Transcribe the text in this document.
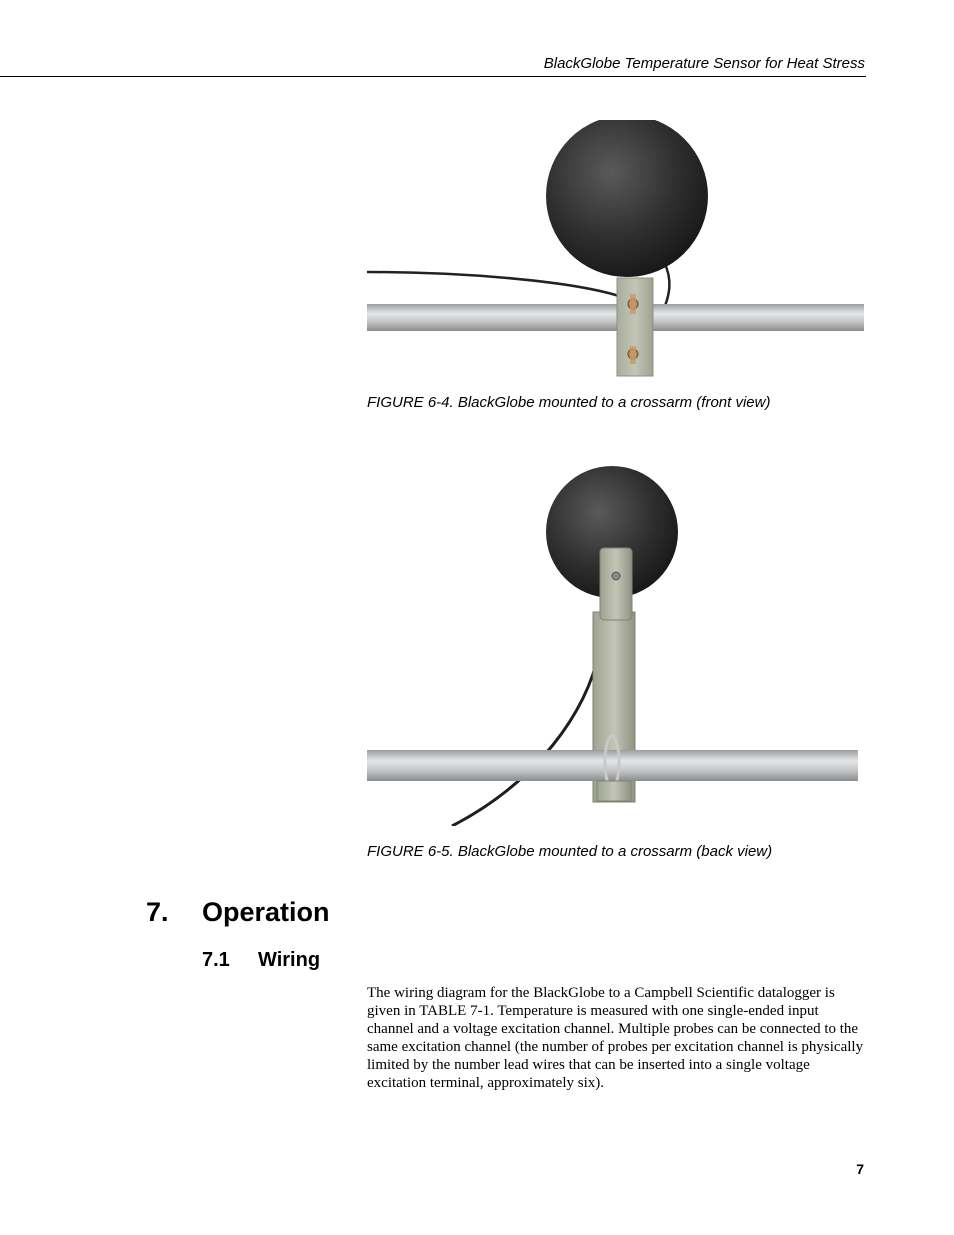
BlackGlobe Temperature Sensor for Heat Stress
FIGURE 6-4. BlackGlobe mounted to a crossarm (front view)
FIGURE 6-5. BlackGlobe mounted to a crossarm (back view)
7. Operation
7.1 Wiring
The wiring diagram for the BlackGlobe to a Campbell Scientific datalogger is given in TABLE 7-1. Temperature is measured with one single-ended input channel and a voltage excitation channel. Multiple probes can be connected to the same excitation channel (the number of probes per excitation channel is physically limited by the number lead wires that can be inserted into a single voltage excitation terminal, approximately six).
7
